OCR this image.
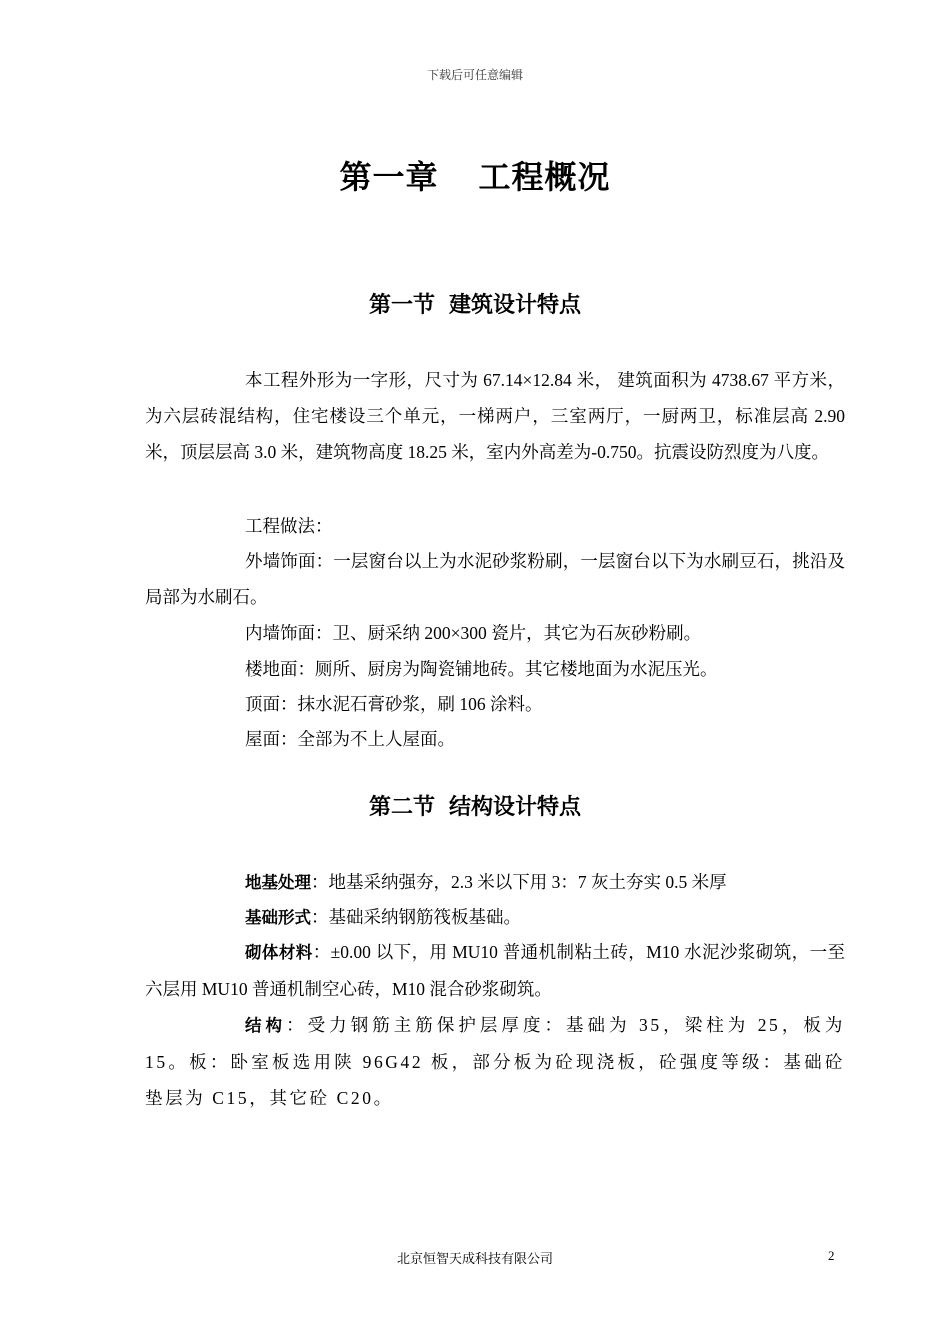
下载后可任意编辑
第一章 工程概况
第一节 建筑设计特点
本工程外形为一字形，尺寸为 67.14×12.84 米， 建筑面积为 4738.67 平方米，为六层砖混结构，住宅楼设三个单元，一梯两户，三室两厅，一厨两卫，标准层高 2.90 米，顶层层高 3.0 米，建筑物高度 18.25 米，室内外高差为-0.750。抗震设防烈度为八度。
工程做法：
外墙饰面：一层窗台以上为水泥砂浆粉刷，一层窗台以下为水刷豆石，挑沿及局部为水刷石。
内墙饰面：卫、厨采纳 200×300 瓷片，其它为石灰砂粉刷。
楼地面：厕所、厨房为陶瓷铺地砖。其它楼地面为水泥压光。
顶面：抹水泥石膏砂浆，刷 106 涂料。
屋面：全部为不上人屋面。
第二节 结构设计特点
地基处理：地基采纳强夯，2.3 米以下用 3：7 灰土夯实 0.5 米厚
基础形式：基础采纳钢筋筏板基础。
砌体材料：±0.00 以下，用 MU10 普通机制粘土砖，M10 水泥沙浆砌筑，一至六层用 MU10 普通机制空心砖，M10 混合砂浆砌筑。
结构：受力钢筋主筋保护层厚度：基础为 35，梁柱为 25，板为 15。板：卧室板选用陕 96G42 板，部分板为砼现浇板，砼强度等级：基础砼垫层为 C15，其它砼 C20。
北京恒智天成科技有限公司	2
